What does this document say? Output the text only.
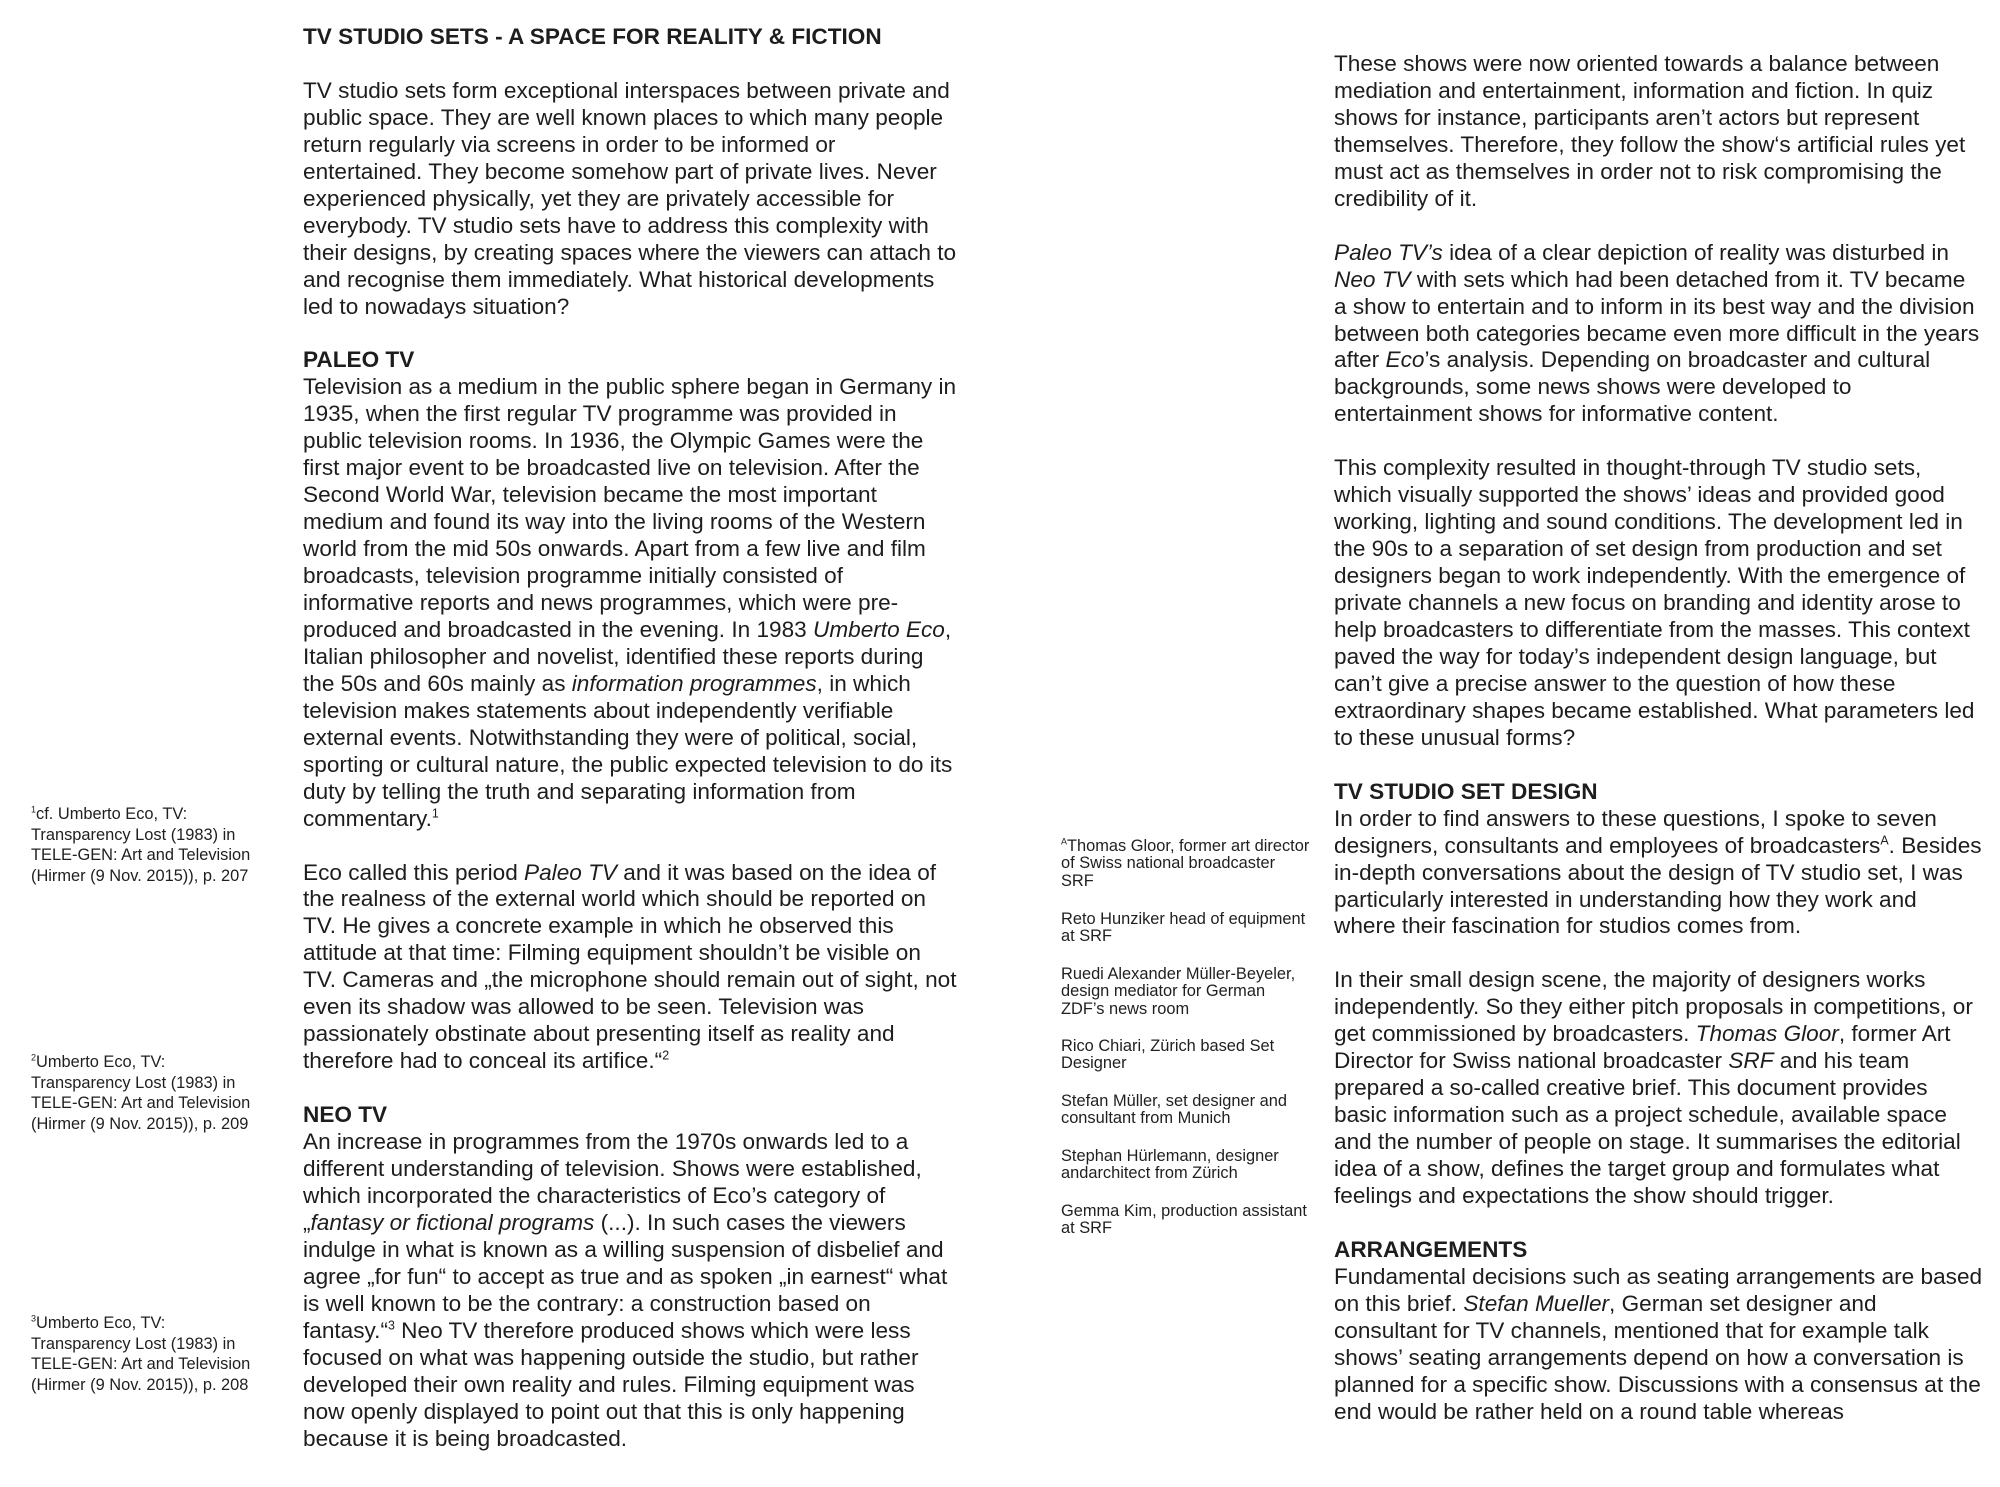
TV STUDIO SETS - A SPACE FOR REALITY & FICTION

TV studio sets form exceptional interspaces between private and public space. They are well known places to which many people return regularly via screens in order to be informed or entertained. They become somehow part of private lives. Never experienced physically, yet they are privately accessible for everybody. TV studio sets have to address this complexity with their designs, by creating spaces where the viewers can attach to and recognise them immediately. What historical developments led to nowadays situation?

PALEO TV

Television as a medium in the public sphere began in Germany in 1935, when the first regular TV programme was provided in public television rooms. In 1936, the Olympic Games were the first major event to be broadcasted live on television. After the Second World War, television became the most important medium and found its way into the living rooms of the Western world from the mid 50s onwards. Apart from a few live and film broadcasts, television programme initially consisted of informative reports and news programmes, which were pre-produced and broadcasted in the evening. In 1983 Umberto Eco, Italian philosopher and novelist, identified these reports during the 50s and 60s mainly as information programmes, in which television makes statements about independently verifiable external events. Notwithstanding they were of political, social, sporting or cultural nature, the public expected television to do its duty by telling the truth and separating information from commentary.$^1$

Eco called this period Paleo TV and it was based on the idea of the realness of the external world which should be reported on TV. He gives a concrete example in which he observed this attitude at that time: Filming equipment shouldn’t be visible on TV. Cameras and „the microphone should remain out of sight, not even its shadow was allowed to be seen. Television was passionately obstinate about presenting itself as reality and therefore had to conceal its artifice.“$^2$

NEO TV

An increase in programmes from the 1970s onwards led to a different understanding of television. Shows were established, which incorporated the characteristics of Eco’s category of „fantasy or fictional programs (...). In such cases the viewers indulge in what is known as a willing suspension of disbelief and agree „for fun“ to accept as true and as spoken „in earnest“ what is well known to be the contrary: a construction based on fantasy.“$^3$ Neo TV therefore produced shows which were less focused on what was happening outside the studio, but rather developed their own reality and rules. Filming equipment was now openly displayed to point out that this is only happening because it is being broadcasted.

$^1$cf. Umberto Eco, TV: Transparency Lost (1983) in TELE-GEN: Art and Television (Hirmer (9 Nov. 2015)), p. 207

$^2$Umberto Eco, TV: Transparency Lost (1983) in TELE-GEN: Art and Television (Hirmer (9 Nov. 2015)), p. 209

$^3$Umberto Eco, TV: Transparency Lost (1983) in TELE-GEN: Art and Television (Hirmer (9 Nov. 2015)), p. 208

$^A$Thomas Gloor, former art director of Swiss national broadcaster SRF

Reto Hunziker head of equipment at SRF

Ruedi Alexander Müller-Beyeler, design mediator for German ZDF’s news room

Rico Chiari, Zürich based Set Designer

Stefan Müller, set designer and consultant from Munich

Stephan Hürlemann, designer andarchitect from Zürich

Gemma Kim, production assistant at SRF

These shows were now oriented towards a balance between mediation and entertainment, information and fiction. In quiz shows for instance, participants aren’t actors but represent themselves. Therefore, they follow the show‘s artificial rules yet must act as themselves in order not to risk compromising the credibility of it.

Paleo TV’s idea of a clear depiction of reality was disturbed in Neo TV with sets which had been detached from it. TV became a show to entertain and to inform in its best way and the division between both categories became even more difficult in the years after Eco’s analysis. Depending on broadcaster and cultural backgrounds, some news shows were developed to entertainment shows for informative content.

This complexity resulted in thought-through TV studio sets, which visually supported the shows’ ideas and provided good working, lighting and sound conditions. The development led in the 90s to a separation of set design from production and set designers began to work independently. With the emergence of private channels a new focus on branding and identity arose to help broadcasters to differentiate from the masses. This context paved the way for today’s independent design language, but can’t give a precise answer to the question of how these extraordinary shapes became established. What parameters led to these unusual forms?

TV STUDIO SET DESIGN

In order to find answers to these questions, I spoke to seven designers, consultants and employees of broadcasters$^A$. Besides in-depth conversations about the design of TV studio set, I was particularly interested in understanding how they work and where their fascination for studios comes from.

In their small design scene, the majority of designers works independently. So they either pitch proposals in competitions, or get commissioned by broadcasters. Thomas Gloor, former Art Director for Swiss national broadcaster SRF and his team prepared a so-called creative brief. This document provides basic information such as a project schedule, available space and the number of people on stage. It summarises the editorial idea of a show, defines the target group and formulates what feelings and expectations the show should trigger.

ARRANGEMENTS

Fundamental decisions such as seating arrangements are based on this brief. Stefan Mueller, German set designer and consultant for TV channels, mentioned that for example talk shows’ seating arrangements depend on how a conversation is planned for a specific show. Discussions with a consensus at the end would be rather held on a round table whereas
